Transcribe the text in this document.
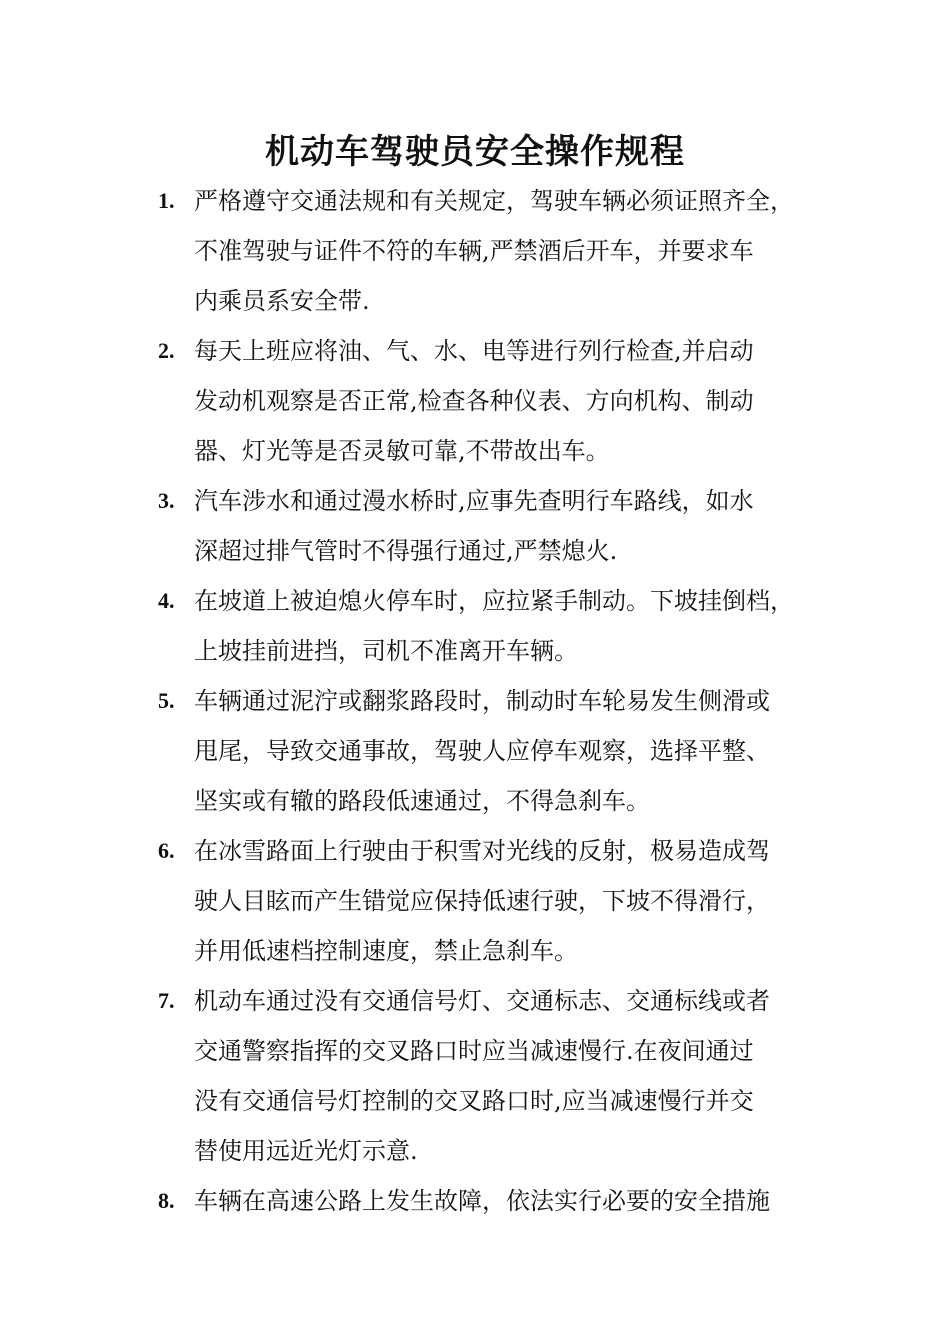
机动车驾驶员安全操作规程
1. 严格遵守交通法规和有关规定，驾驶车辆必须证照齐全，
不准驾驶与证件不符的车辆,严禁酒后开车，并要求车
内乘员系安全带.
2. 每天上班应将油、气、水、电等进行列行检查,并启动
发动机观察是否正常,检查各种仪表、方向机构、制动
器、灯光等是否灵敏可靠,不带故出车。
3. 汽车涉水和通过漫水桥时,应事先查明行车路线，如水
深超过排气管时不得强行通过,严禁熄火.
4. 在坡道上被迫熄火停车时，应拉紧手制动。下坡挂倒档，
上坡挂前进挡，司机不准离开车辆。
5. 车辆通过泥泞或翻浆路段时，制动时车轮易发生侧滑或
甩尾，导致交通事故，驾驶人应停车观察，选择平整、
坚实或有辙的路段低速通过，不得急刹车。
6. 在冰雪路面上行驶由于积雪对光线的反射，极易造成驾
驶人目眩而产生错觉应保持低速行驶，下坡不得滑行，
并用低速档控制速度，禁止急刹车。
7. 机动车通过没有交通信号灯、交通标志、交通标线或者
交通警察指挥的交叉路口时应当减速慢行.在夜间通过
没有交通信号灯控制的交叉路口时,应当减速慢行并交
替使用远近光灯示意.
8. 车辆在高速公路上发生故障，依法实行必要的安全措施
